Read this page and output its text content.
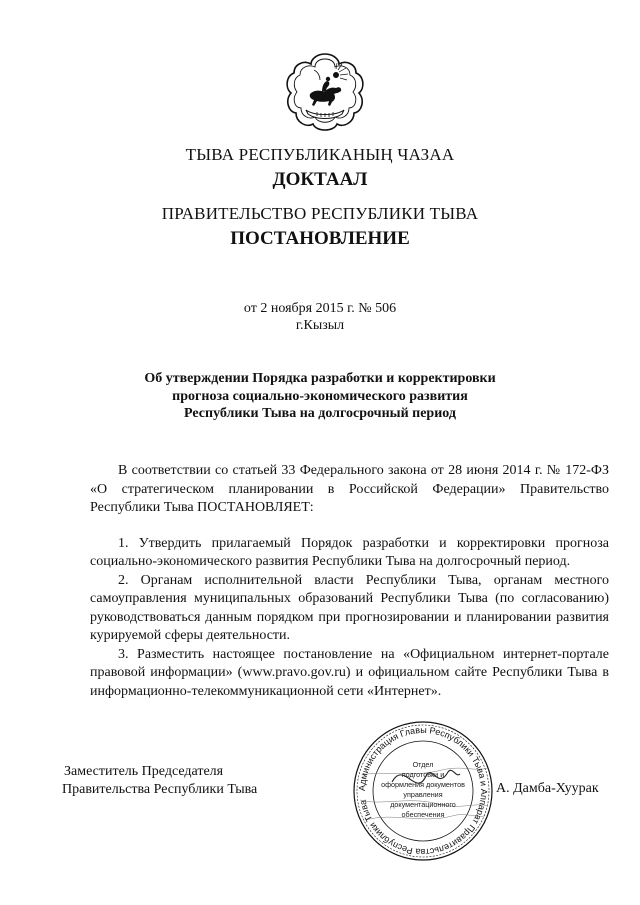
ТЫВА РЕСПУБЛИКАНЫҢ ЧАЗАА
ДОКТААЛ
ПРАВИТЕЛЬСТВО РЕСПУБЛИКИ ТЫВА
ПОСТАНОВЛЕНИЕ
от 2 ноября 2015 г. № 506
г.Кызыл
Об утверждении Порядка разработки и корректировки
прогноза социально-экономического развития
Республики Тыва на долгосрочный период

В соответствии со статьей 33 Федерального закона от 28 июня 2014 г. № 172-ФЗ «О стратегическом планировании в Российской Федерации» Правительство Республики Тыва ПОСТАНОВЛЯЕТ:

1. Утвердить прилагаемый Порядок разработки и корректировки прогноза социально-экономического развития Республики Тыва на долгосрочный период.

2. Органам исполнительной власти Республики Тыва, органам местного самоуправления муниципальных образований Республики Тыва (по согласованию) руководствоваться данным порядком при прогнозировании и планировании развития курируемой сферы деятельности.

3. Разместить настоящее постановление на «Официальном интернет-портале правовой информации» (www.pravo.gov.ru) и официальном сайте Республики Тыва в информационно-телекоммуникационной сети «Интернет».

Заместитель Председателя
Правительства Республики Тыва	Администрация Главы Республики Тыва и Аппарат Правительства Республики Тыва
Отдел
подготовки и
оформления документов
управления
документационного
обеспечения
А. Дамба-Хуурак
